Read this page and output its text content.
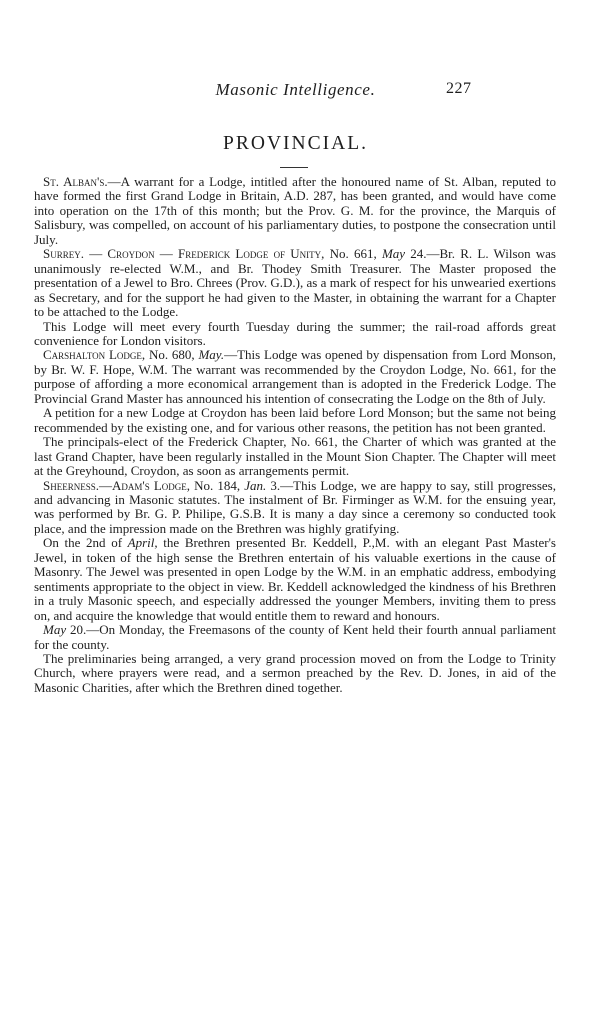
Masonic Intelligence.	227
PROVINCIAL.

St. Alban's.—A warrant for a Lodge, intitled after the honoured name of St. Alban, reputed to have formed the first Grand Lodge in Britain, A.D. 287, has been granted, and would have come into operation on the 17th of this month; but the Prov. G. M. for the province, the Marquis of Salisbury, was compelled, on account of his parliamentary duties, to postpone the consecration until July.

Surrey. — Croydon — Frederick Lodge of Unity, No. 661, May 24.—Br. R. L. Wilson was unanimously re-elected W.M., and Br. Thodey Smith Treasurer. The Master proposed the presentation of a Jewel to Bro. Chrees (Prov. G.D.), as a mark of respect for his unwearied exertions as Secretary, and for the support he had given to the Master, in obtaining the warrant for a Chapter to be attached to the Lodge.

This Lodge will meet every fourth Tuesday during the summer; the rail-road affords great convenience for London visitors.

Carshalton Lodge, No. 680, May.—This Lodge was opened by dispensation from Lord Monson, by Br. W. F. Hope, W.M. The warrant was recommended by the Croydon Lodge, No. 661, for the purpose of affording a more economical arrangement than is adopted in the Frederick Lodge. The Provincial Grand Master has announced his intention of consecrating the Lodge on the 8th of July.

A petition for a new Lodge at Croydon has been laid before Lord Monson; but the same not being recommended by the existing one, and for various other reasons, the petition has not been granted.

The principals-elect of the Frederick Chapter, No. 661, the Charter of which was granted at the last Grand Chapter, have been regularly installed in the Mount Sion Chapter. The Chapter will meet at the Greyhound, Croydon, as soon as arrangements permit.

Sheerness.—Adam's Lodge, No. 184, Jan. 3.—This Lodge, we are happy to say, still progresses, and advancing in Masonic statutes. The instalment of Br. Firminger as W.M. for the ensuing year, was performed by Br. G. P. Philipe, G.S.B. It is many a day since a ceremony so conducted took place, and the impression made on the Brethren was highly gratifying.

On the 2nd of April, the Brethren presented Br. Keddell, P.,M. with an elegant Past Master's Jewel, in token of the high sense the Brethren entertain of his valuable exertions in the cause of Masonry. The Jewel was presented in open Lodge by the W.M. in an emphatic address, embodying sentiments appropriate to the object in view. Br. Keddell acknowledged the kindness of his Brethren in a truly Masonic speech, and especially addressed the younger Members, inviting them to press on, and acquire the knowledge that would entitle them to reward and honours.

May 20.—On Monday, the Freemasons of the county of Kent held their fourth annual parliament for the county.

The preliminaries being arranged, a very grand procession moved on from the Lodge to Trinity Church, where prayers were read, and a sermon preached by the Rev. D. Jones, in aid of the Masonic Charities, after which the Brethren dined together.
